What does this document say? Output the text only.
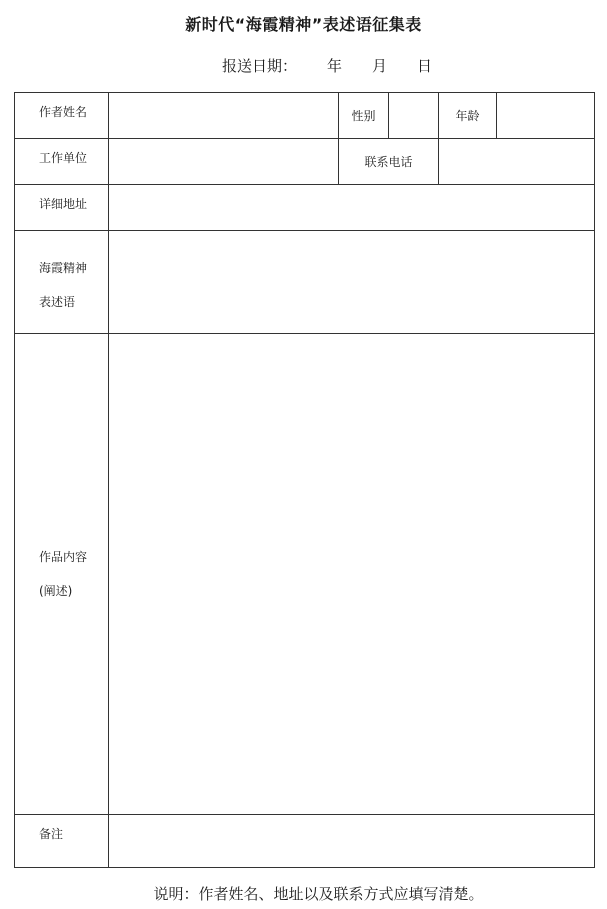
新时代“海霞精神”表述语征集表
报送日期： 年 月 日
作者姓名		性别		年龄	
工作单位		联系电话			
详细地址					

海霞精神
表述语					

作品内容
(阐述)					

备注					
说明：作者姓名、地址以及联系方式应填写清楚。
